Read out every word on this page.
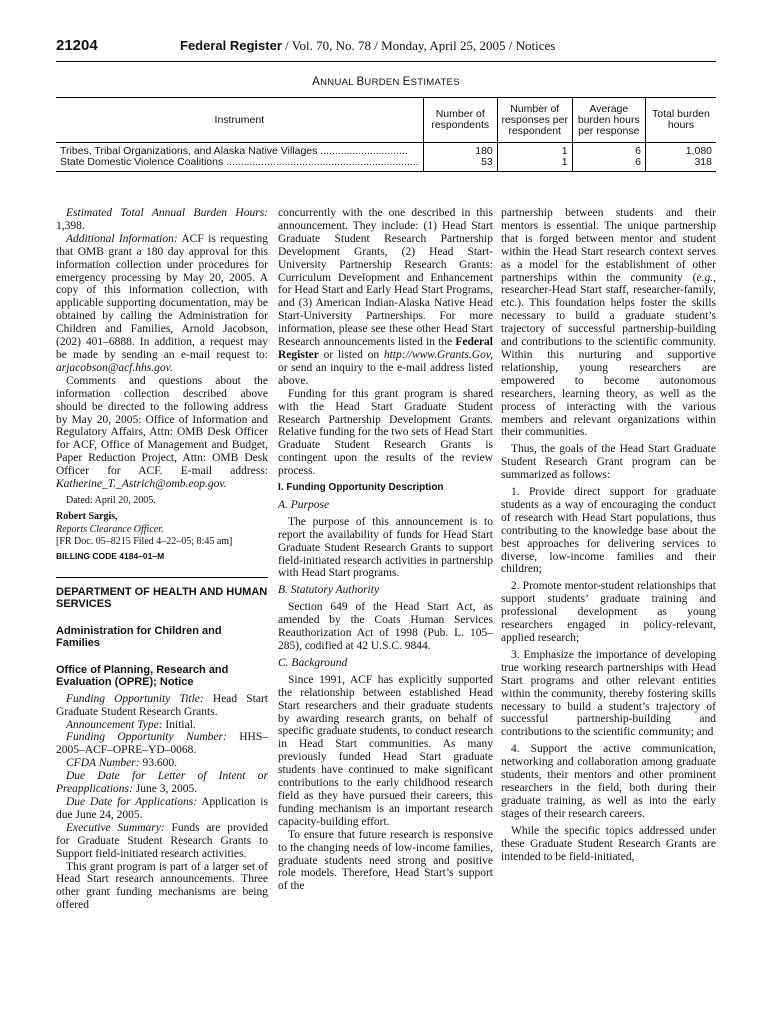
21204	Federal Register / Vol. 70, No. 78 / Monday, April 25, 2005 / Notices
ANNUAL BURDEN ESTIMATES
Instrument	Number of respondents	Number of responses per respondent	Average burden hours per response	Total burden hours
Tribes, Tribal Organizations, and Alaska Native Villages ..............................	180	1	6	1,080
State Domestic Violence Coalitions ..................................................................	53	1	6	318

Estimated Total Annual Burden Hours: 1,398.

Additional Information: ACF is requesting that OMB grant a 180 day approval for this information collection under procedures for emergency processing by May 20, 2005. A copy of this information collection, with applicable supporting documentation, may be obtained by calling the Administration for Children and Families, Arnold Jacobson, (202) 401–6888. In addition, a request may be made by sending an e-mail request to: arjacobson@acf.hhs.gov.

Comments and questions about the information collection described above should be directed to the following address by May 20, 2005: Office of Information and Regulatory Affairs, Attn: OMB Desk Officer for ACF, Office of Management and Budget, Paper Reduction Project, Attn: OMB Desk Officer for ACF. E-mail address: Katherine_T._Astrich@omb.eop.gov.

Dated: April 20, 2005.

Robert Sargis,

Reports Clearance Officer.

[FR Doc. 05–8215 Filed 4–22–05; 8:45 am]

BILLING CODE 4184–01–M

DEPARTMENT OF HEALTH AND HUMAN SERVICES

Administration for Children and Families

Office of Planning, Research and Evaluation (OPRE); Notice

Funding Opportunity Title: Head Start Graduate Student Research Grants.

Announcement Type: Initial.

Funding Opportunity Number: HHS–2005–ACF–OPRE–YD–0068.

CFDA Number: 93.600.

Due Date for Letter of Intent or Preapplications: June 3, 2005.

Due Date for Applications: Application is due June 24, 2005.

Executive Summary: Funds are provided for Graduate Student Research Grants to Support field-initiated research activities.

This grant program is part of a larger set of Head Start research announcements. Three other grant funding mechanisms are being offered

concurrently with the one described in this announcement. They include: (1) Head Start Graduate Student Research Partnership Development Grants, (2) Head Start-University Partnership Research Grants: Curriculum Development and Enhancement for Head Start and Early Head Start Programs, and (3) American Indian-Alaska Native Head Start-University Partnerships. For more information, please see these other Head Start Research announcements listed in the Federal Register or listed on http://www.Grants.Gov, or send an inquiry to the e-mail address listed above.

Funding for this grant program is shared with the Head Start Graduate Student Research Partnership Development Grants. Relative funding for the two sets of Head Start Graduate Student Research Grants is contingent upon the results of the review process.

I. Funding Opportunity Description

A. Purpose

The purpose of this announcement is to report the availability of funds for Head Start Graduate Student Research Grants to support field-initiated research activities in partnership with Head Start programs.

B. Statutory Authority

Section 649 of the Head Start Act, as amended by the Coats Human Services Reauthorization Act of 1998 (Pub. L. 105–285), codified at 42 U.S.C. 9844.

C. Background

Since 1991, ACF has explicitly supported the relationship between established Head Start researchers and their graduate students by awarding research grants, on behalf of specific graduate students, to conduct research in Head Start communities. As many previously funded Head Start graduate students have continued to make significant contributions to the early childhood research field as they have pursued their careers, this funding mechanism is an important research capacity-building effort.

To ensure that future research is responsive to the changing needs of low-income families, graduate students need strong and positive role models. Therefore, Head Start’s support of the

partnership between students and their mentors is essential. The unique partnership that is forged between mentor and student within the Head Start research context serves as a model for the establishment of other partnerships within the community (e.g., researcher-Head Start staff, researcher-family, etc.). This foundation helps foster the skills necessary to build a graduate student’s trajectory of successful partnership-building and contributions to the scientific community. Within this nurturing and supportive relationship, young researchers are empowered to become autonomous researchers, learning theory, as well as the process of interacting with the various members and relevant organizations within their communities.

Thus, the goals of the Head Start Graduate Student Research Grant program can be summarized as follows:

1. Provide direct support for graduate students as a way of encouraging the conduct of research with Head Start populations, thus contributing to the knowledge base about the best approaches for delivering services to diverse, low-income families and their children;

2. Promote mentor-student relationships that support students’ graduate training and professional development as young researchers engaged in policy-relevant, applied research;

3. Emphasize the importance of developing true working research partnerships with Head Start programs and other relevant entities within the community, thereby fostering skills necessary to build a student’s trajectory of successful partnership-building and contributions to the scientific community; and

4. Support the active communication, networking and collaboration among graduate students, their mentors and other prominent researchers in the field, both during their graduate training, as well as into the early stages of their research careers.

While the specific topics addressed under these Graduate Student Research Grants are intended to be field-initiated,
